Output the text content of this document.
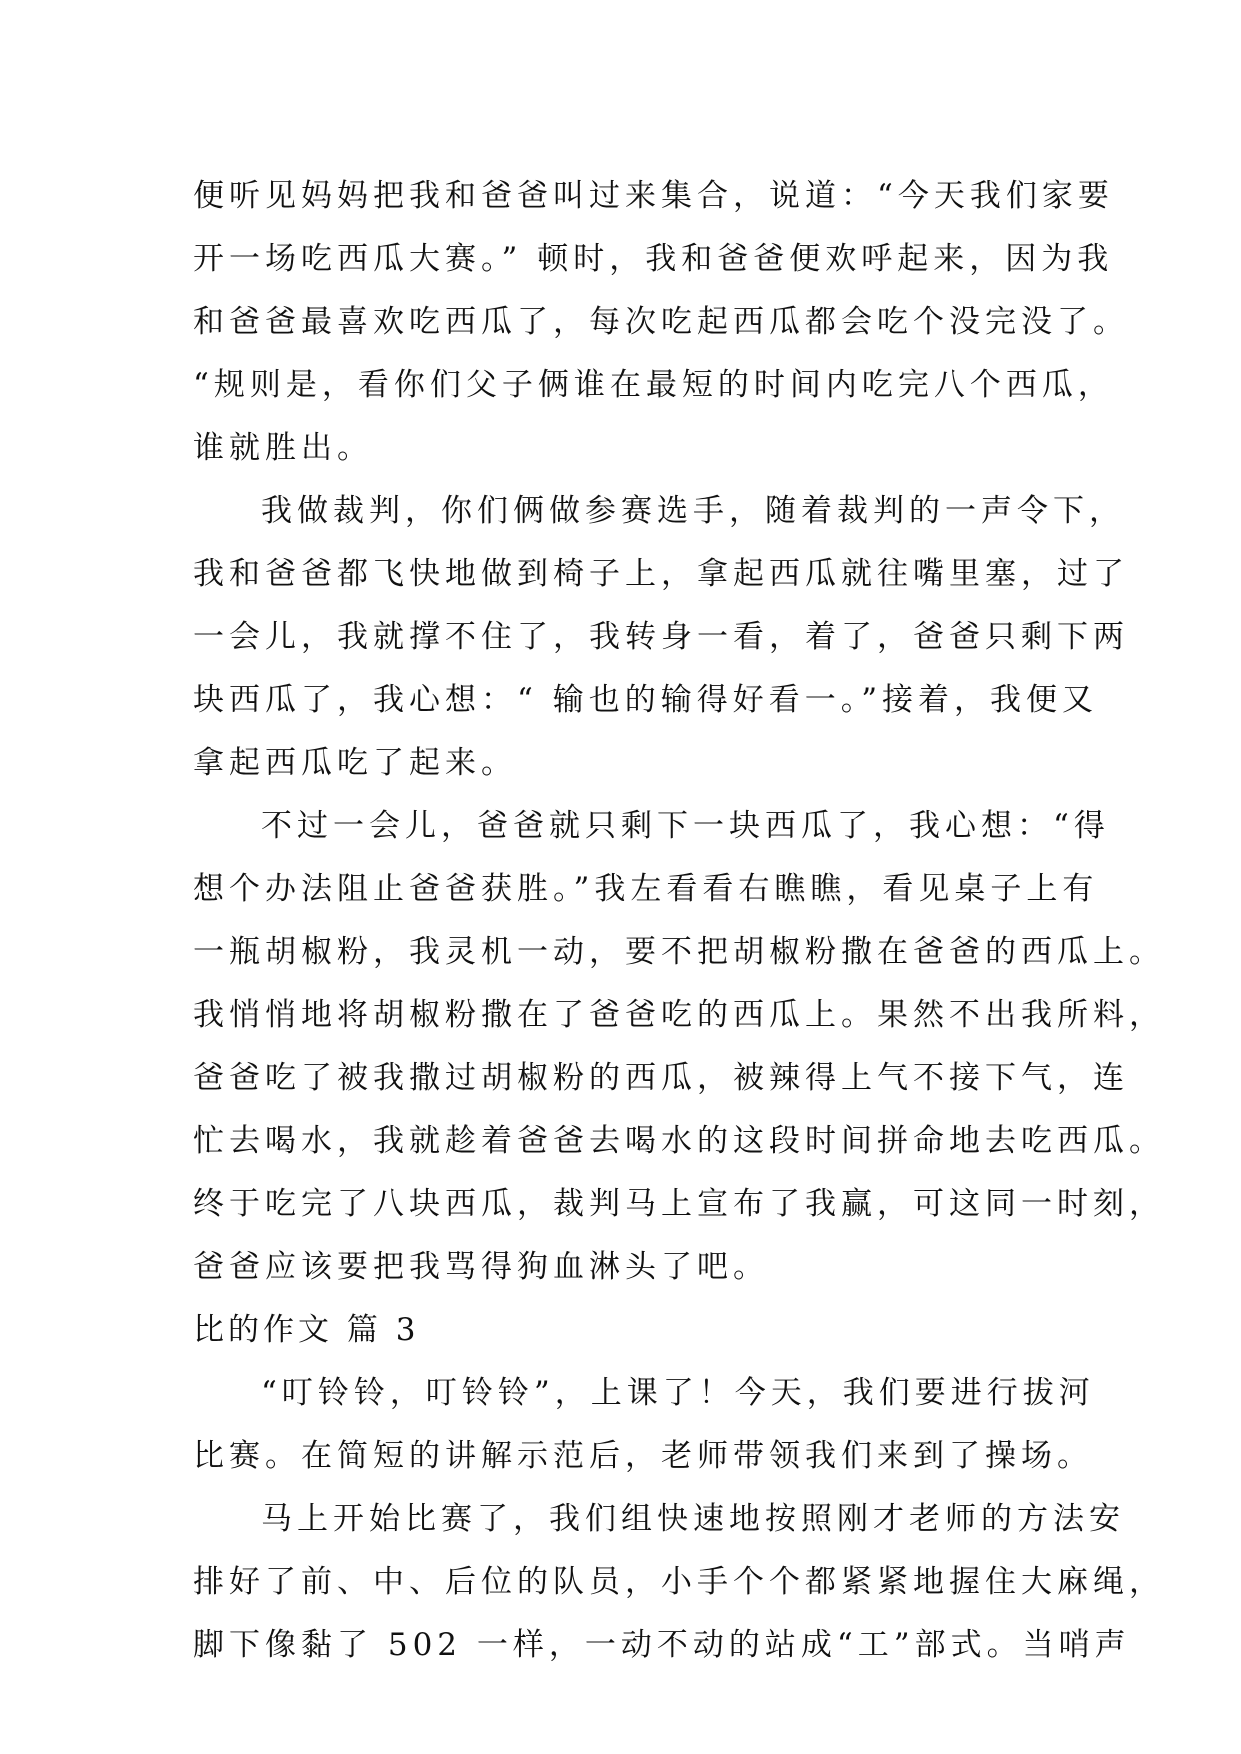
便听见妈妈把我和爸爸叫过来集合，说道：“今天我们家要
开一场吃西瓜大赛。” 顿时，我和爸爸便欢呼起来，因为我
和爸爸最喜欢吃西瓜了，每次吃起西瓜都会吃个没完没了。
“规则是，看你们父子俩谁在最短的时间内吃完八个西瓜，
谁就胜出。
我做裁判，你们俩做参赛选手，随着裁判的一声令下，
我和爸爸都飞快地做到椅子上，拿起西瓜就往嘴里塞，过了
一会儿，我就撑不住了，我转身一看，着了，爸爸只剩下两
块西瓜了，我心想：“ 输也的输得好看一。”接着，我便又
拿起西瓜吃了起来。
不过一会儿，爸爸就只剩下一块西瓜了，我心想：“得
想个办法阻止爸爸获胜。”我左看看右瞧瞧，看见桌子上有
一瓶胡椒粉，我灵机一动，要不把胡椒粉撒在爸爸的西瓜上。
我悄悄地将胡椒粉撒在了爸爸吃的西瓜上。果然不出我所料，
爸爸吃了被我撒过胡椒粉的西瓜，被辣得上气不接下气，连
忙去喝水，我就趁着爸爸去喝水的这段时间拼命地去吃西瓜。
终于吃完了八块西瓜，裁判马上宣布了我赢，可这同一时刻，
爸爸应该要把我骂得狗血淋头了吧。
比的作文 篇 3
“叮铃铃，叮铃铃”，上课了！今天，我们要进行拔河
比赛。在简短的讲解示范后，老师带领我们来到了操场。
马上开始比赛了，我们组快速地按照刚才老师的方法安
排好了前、中、后位的队员，小手个个都紧紧地握住大麻绳，
脚下像黏了 502 一样，一动不动的站成“工”部式。当哨声
